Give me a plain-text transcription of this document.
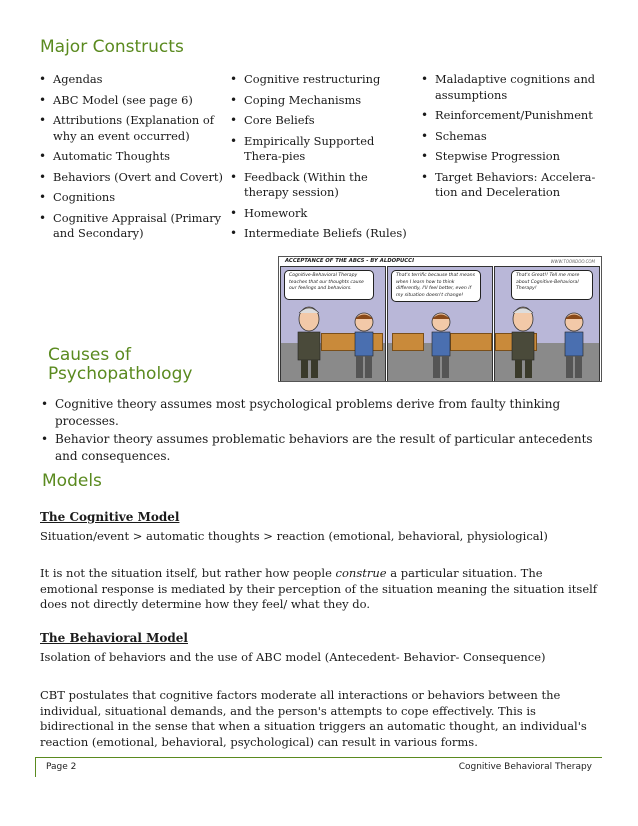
Major Constructs
• Agendas
• ABC Model (see page 6)
• Attributions (Explanation of why an event occurred)
• Automatic Thoughts
• Behaviors (Overt and Covert)
• Cognitions
• Cognitive Appraisal (Primary and Secondary)
• Cognitive restructuring
• Coping Mechanisms
• Core Beliefs
• Empirically Supported Thera-pies
• Feedback (Within the therapy session)
• Homework
• Intermediate Beliefs (Rules)
• Maladaptive cognitions and assumptions
• Reinforcement/Punishment
• Schemas
• Stepwise Progression
• Target Behaviors: Accelera-tion and Deceleration
ACCEPTANCE OF THE ABCS - BY ALDOPUCCI	WWW.TOONDOO.COM
Cognitive-Behavioral Therapy teaches that our thoughts cause our feelings and behaviors.
That's terrific because that means when I learn how to think differently, I'll feel better, even if my situation doesn't change!
That's Great!! Tell me more about Cognitive-Behavioral Therapy!
Causes of
Psychopathology
• Cognitive theory assumes most psychological problems derive from faulty thinking processes.
• Behavior theory assumes problematic behaviors are the result of particular antecedents and consequences.
Models

The Cognitive Model

Situation/event > automatic thoughts > reaction (emotional, behavioral, physiological)

It is not the situation itself, but rather how people construe a particular situation. The emotional response is mediated by their perception of the situation meaning the situation itself does not directly determine how they feel/ what they do.

The Behavioral Model

Isolation of behaviors and the use of ABC model (Antecedent- Behavior- Consequence)

CBT postulates that cognitive factors moderate all interactions or behaviors between the individual, situational demands, and the person's attempts to cope effectively. This is bidirectional in the sense that when a situation triggers an automatic thought, an individual's reaction (emotional, behavioral, psychological) can result in various forms.

Page 2	Cognitive Behavioral Therapy
